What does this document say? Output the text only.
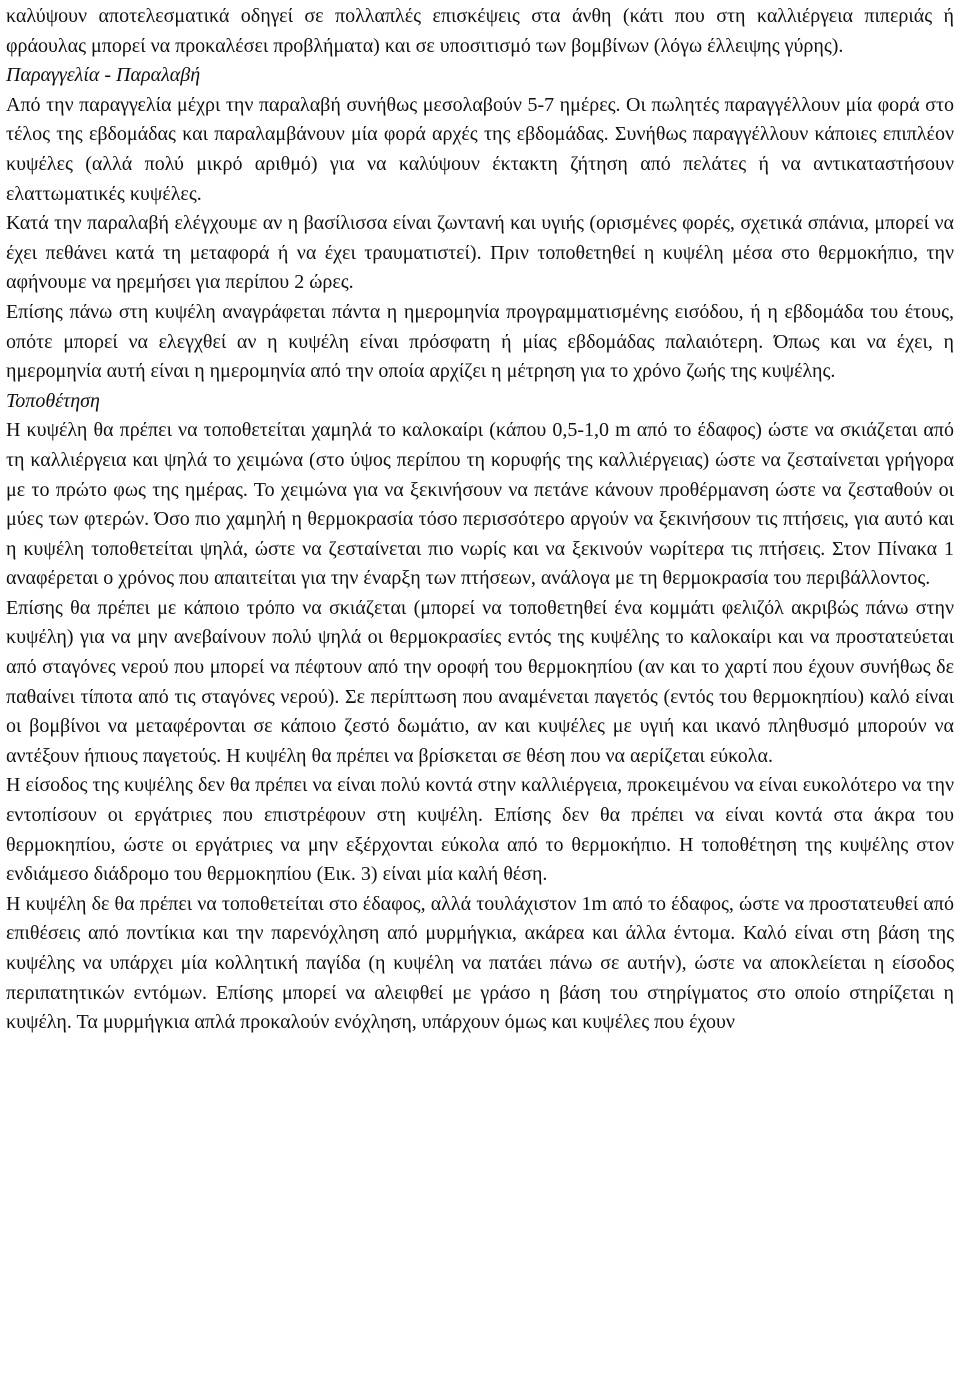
καλύψουν αποτελεσματικά οδηγεί σε πολλαπλές επισκέψεις στα άνθη (κάτι που στη καλλιέργεια πιπεριάς ή φράουλας μπορεί να προκαλέσει προβλήματα) και σε υποσιτισμό των βομβίνων (λόγω έλλειψης γύρης).

Παραγγελία - Παραλαβή

Από την παραγγελία μέχρι την παραλαβή συνήθως μεσολαβούν 5-7 ημέρες. Οι πωλητές παραγγέλλουν μία φορά στο τέλος της εβδομάδας και παραλαμβάνουν μία φορά αρχές της εβδομάδας. Συνήθως παραγγέλλουν κάποιες επιπλέον κυψέλες (αλλά πολύ μικρό αριθμό) για να καλύψουν έκτακτη ζήτηση από πελάτες ή να αντικαταστήσουν ελαττωματικές κυψέλες.

Κατά την παραλαβή ελέγχουμε αν η βασίλισσα είναι ζωντανή και υγιής (ορισμένες φορές, σχετικά σπάνια, μπορεί να έχει πεθάνει κατά τη μεταφορά ή να έχει τραυματιστεί). Πριν τοποθετηθεί η κυψέλη μέσα στο θερμοκήπιο, την αφήνουμε να ηρεμήσει για περίπου 2 ώρες.

Επίσης πάνω στη κυψέλη αναγράφεται πάντα η ημερομηνία προγραμματισμένης εισόδου, ή η εβδομάδα του έτους, οπότε μπορεί να ελεγχθεί αν η κυψέλη είναι πρόσφατη ή μίας εβδομάδας παλαιότερη. Όπως και να έχει, η ημερομηνία αυτή είναι η ημερομηνία από την οποία αρχίζει η μέτρηση για το χρόνο ζωής της κυψέλης.

Τοποθέτηση

Η κυψέλη θα πρέπει να τοποθετείται χαμηλά το καλοκαίρι (κάπου 0,5-1,0 m από το έδαφος) ώστε να σκιάζεται από τη καλλιέργεια και ψηλά το χειμώνα (στο ύψος περίπου τη κορυφής της καλλιέργειας) ώστε να ζεσταίνεται γρήγορα με το πρώτο φως της ημέρας. Το χειμώνα για να ξεκινήσουν να πετάνε κάνουν προθέρμανση ώστε να ζεσταθούν οι μύες των φτερών. Όσο πιο χαμηλή η θερμοκρασία τόσο περισσότερο αργούν να ξεκινήσουν τις πτήσεις, για αυτό και η κυψέλη τοποθετείται ψηλά, ώστε να ζεσταίνεται πιο νωρίς και να ξεκινούν νωρίτερα τις πτήσεις. Στον Πίνακα 1 αναφέρεται ο χρόνος που απαιτείται για την έναρξη των πτήσεων, ανάλογα με τη θερμοκρασία του περιβάλλοντος.

Επίσης θα πρέπει με κάποιο τρόπο να σκιάζεται (μπορεί να τοποθετηθεί ένα κομμάτι φελιζόλ ακριβώς πάνω στην κυψέλη) για να μην ανεβαίνουν πολύ ψηλά οι θερμοκρασίες εντός της κυψέλης το καλοκαίρι και να προστατεύεται από σταγόνες νερού που μπορεί να πέφτουν από την οροφή του θερμοκηπίου (αν και το χαρτί που έχουν συνήθως δε παθαίνει τίποτα από τις σταγόνες νερού). Σε περίπτωση που αναμένεται παγετός (εντός του θερμοκηπίου) καλό είναι οι βομβίνοι να μεταφέρονται σε κάποιο ζεστό δωμάτιο, αν και κυψέλες με υγιή και ικανό πληθυσμό μπορούν να αντέξουν ήπιους παγετούς. Η κυψέλη θα πρέπει να βρίσκεται σε θέση που να αερίζεται εύκολα.

Η είσοδος της κυψέλης δεν θα πρέπει να είναι πολύ κοντά στην καλλιέργεια, προκειμένου να είναι ευκολότερο να την εντοπίσουν οι εργάτριες που επιστρέφουν στη κυψέλη. Επίσης δεν θα πρέπει να είναι κοντά στα άκρα του θερμοκηπίου, ώστε οι εργάτριες να μην εξέρχονται εύκολα από το θερμοκήπιο. Η τοποθέτηση της κυψέλης στον ενδιάμεσο διάδρομο του θερμοκηπίου (Εικ. 3) είναι μία καλή θέση.

Η κυψέλη δε θα πρέπει να τοποθετείται στο έδαφος, αλλά τουλάχιστον 1m από το έδαφος, ώστε να προστατευθεί από επιθέσεις από ποντίκια και την παρενόχληση από μυρμήγκια, ακάρεα και άλλα έντομα. Καλό είναι στη βάση της κυψέλης να υπάρχει μία κολλητική παγίδα (η κυψέλη να πατάει πάνω σε αυτήν), ώστε να αποκλείεται η είσοδος περιπατητικών εντόμων. Επίσης μπορεί να αλειφθεί με γράσο η βάση του στηρίγματος στο οποίο στηρίζεται η κυψέλη. Τα μυρμήγκια απλά προκαλούν ενόχληση, υπάρχουν όμως και κυψέλες που έχουν
